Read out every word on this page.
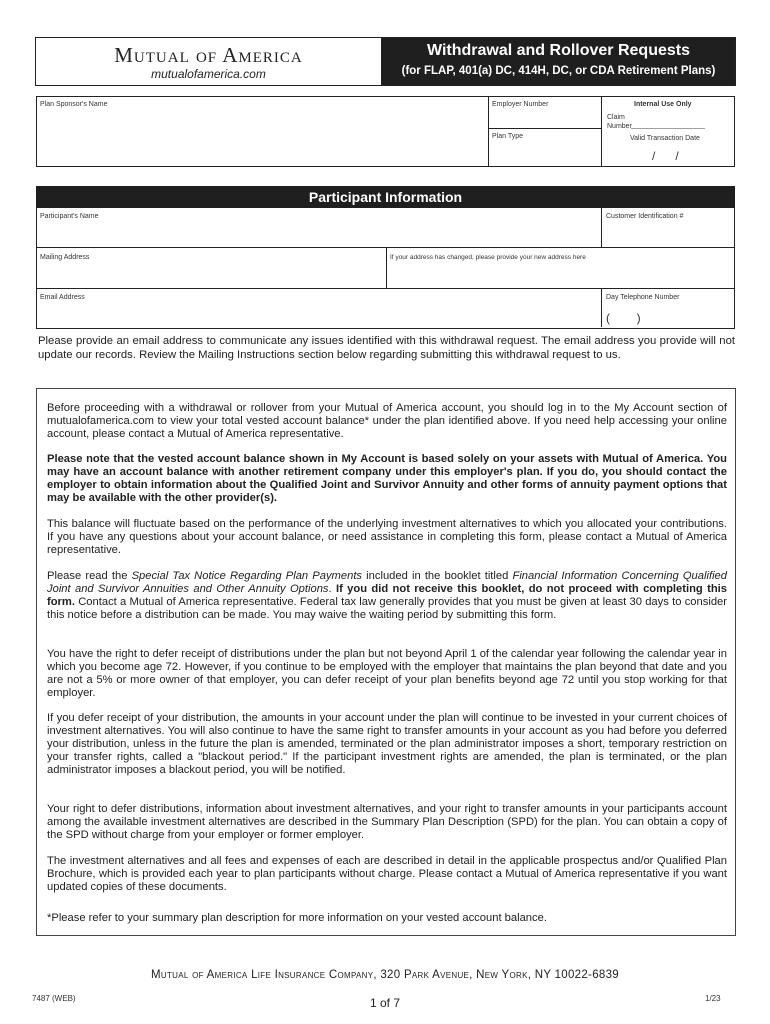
Mutual of America
mutualofamerica.com
Withdrawal and Rollover Requests
(for FLAP, 401(a) DC, 414H, DC, or CDA Retirement Plans)
Plan Sponsor's Name	Employer Number
Plan Type
Internal Use Only
Claim
Number ___________________
Valid Transaction Date
/      /
Participant Information
Participant's Name	Customer Identification #
Mailing Address	If your address has changed, please provide your new address here
Email Address	Day Telephone Number
(        )
Please provide an email address to communicate any issues identified with this withdrawal request. The email address you provide will not update our records. Review the Mailing Instructions section below regarding submitting this withdrawal request to us.
Before proceeding with a withdrawal or rollover from your Mutual of America account, you should log in to the My Account section of mutualofamerica.com to view your total vested account balance* under the plan identified above. If you need help accessing your online account, please contact a Mutual of America representative.
Please note that the vested account balance shown in My Account is based solely on your assets with Mutual of America. You may have an account balance with another retirement company under this employer's plan. If you do, you should contact the employer to obtain information about the Qualified Joint and Survivor Annuity and other forms of annuity payment options that may be available with the other provider(s).
This balance will fluctuate based on the performance of the underlying investment alternatives to which you allocated your contributions. If you have any questions about your account balance, or need assistance in completing this form, please contact a Mutual of America representative.
Please read the Special Tax Notice Regarding Plan Payments included in the booklet titled Financial Information Concerning Qualified Joint and Survivor Annuities and Other Annuity Options. If you did not receive this booklet, do not proceed with completing this form. Contact a Mutual of America representative. Federal tax law generally provides that you must be given at least 30 days to consider this notice before a distribution can be made. You may waive the waiting period by submitting this form.
You have the right to defer receipt of distributions under the plan but not beyond April 1 of the calendar year following the calendar year in which you become age 72. However, if you continue to be employed with the employer that maintains the plan beyond that date and you are not a 5% or more owner of that employer, you can defer receipt of your plan benefits beyond age 72 until you stop working for that employer.
If you defer receipt of your distribution, the amounts in your account under the plan will continue to be invested in your current choices of investment alternatives. You will also continue to have the same right to transfer amounts in your account as you had before you deferred your distribution, unless in the future the plan is amended, terminated or the plan administrator imposes a short, temporary restriction on your transfer rights, called a "blackout period." If the participant investment rights are amended, the plan is terminated, or the plan administrator imposes a blackout period, you will be notified.
Your right to defer distributions, information about investment alternatives, and your right to transfer amounts in your participants account among the available investment alternatives are described in the Summary Plan Description (SPD) for the plan. You can obtain a copy of the SPD without charge from your employer or former employer.
The investment alternatives and all fees and expenses of each are described in detail in the applicable prospectus and/or Qualified Plan Brochure, which is provided each year to plan participants without charge. Please contact a Mutual of America representative if you want updated copies of these documents.
*Please refer to your summary plan description for more information on your vested account balance.
Mutual of America Life Insurance Company, 320 Park Avenue, New York, NY 10022-6839
7487 (WEB)	1 of 7	1/23
